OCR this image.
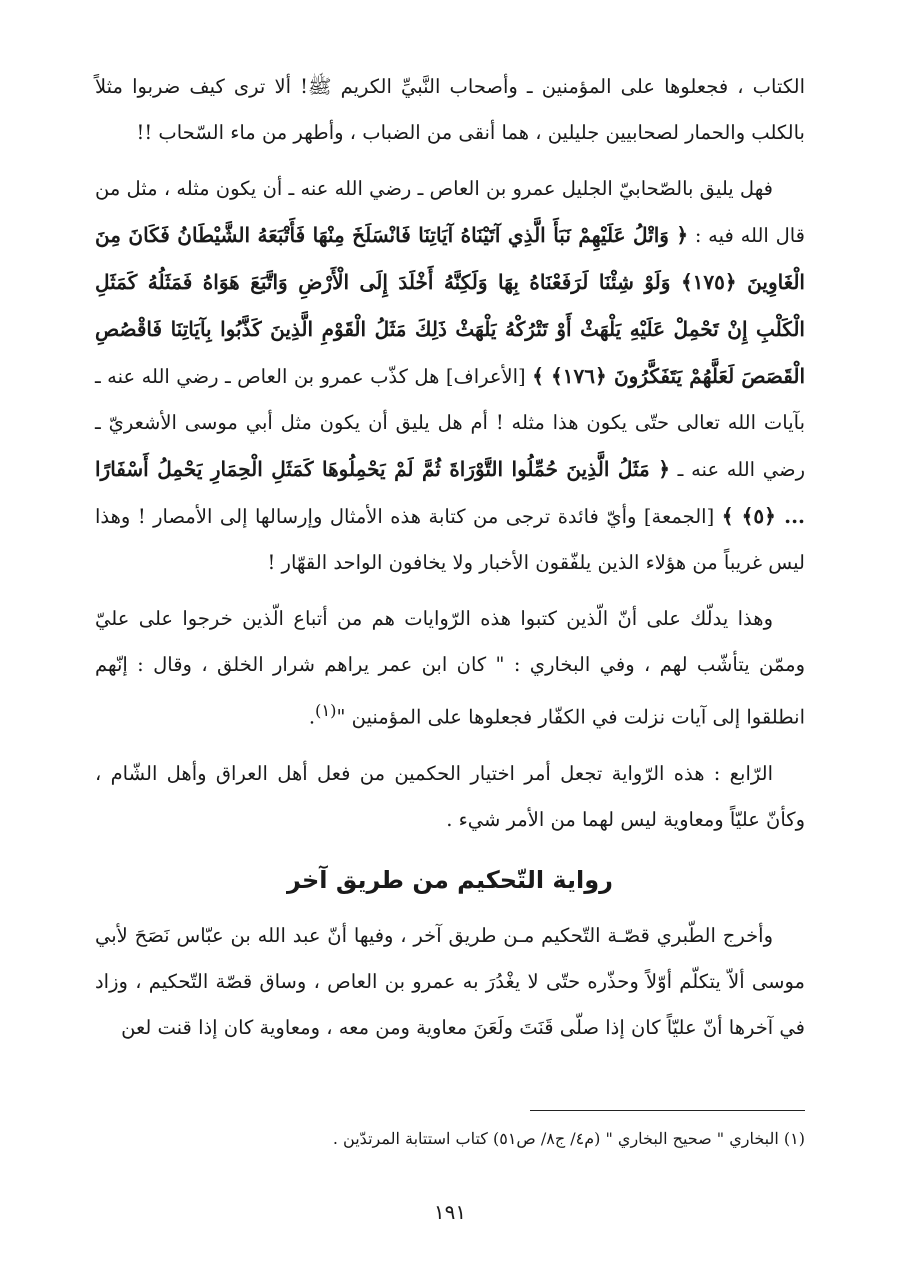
الكتاب ، فجعلوها على المؤمنين ـ وأصحاب النَّبيِّ الكريم ﷺ! ألا ترى كيف ضربوا مثلاً بالكلب والحمار لصحابيين جليلين ، هما أنقى من الضباب ، وأطهر من ماء السّحاب !!

فهل يليق بالصّحابيّ الجليل عمرو بن العاص ـ رضي الله عنه ـ أن يكون مثله ، مثل من قال الله فيه : ﴿ وَاتْلُ عَلَيْهِمْ نَبَأَ الَّذِي آتَيْنَاهُ آيَاتِنَا فَانْسَلَخَ مِنْهَا فَأَتْبَعَهُ الشَّيْطَانُ فَكَانَ مِنَ الْغَاوِينَ ﴿١٧٥﴾ وَلَوْ شِئْنَا لَرَفَعْنَاهُ بِهَا وَلَكِنَّهُ أَخْلَدَ إِلَى الْأَرْضِ وَاتَّبَعَ هَوَاهُ فَمَثَلُهُ كَمَثَلِ الْكَلْبِ إِنْ تَحْمِلْ عَلَيْهِ يَلْهَثْ أَوْ تَتْرُكْهُ يَلْهَثْ ذَلِكَ مَثَلُ الْقَوْمِ الَّذِينَ كَذَّبُوا بِآيَاتِنَا فَاقْصُصِ الْقَصَصَ لَعَلَّهُمْ يَتَفَكَّرُونَ ﴿١٧٦﴾ ﴾ [الأعراف] هل كذّب عمرو بن العاص ـ رضي الله عنه ـ بآيات الله تعالى حتّى يكون هذا مثله ! أم هل يليق أن يكون مثل أبي موسى الأشعريّ ـ رضي الله عنه ـ ﴿ مَثَلُ الَّذِينَ حُمِّلُوا التَّوْرَاةَ ثُمَّ لَمْ يَحْمِلُوهَا كَمَثَلِ الْحِمَارِ يَحْمِلُ أَسْفَارًا ... ﴿٥﴾ ﴾ [الجمعة] وأيّ فائدة ترجى من كتابة هذه الأمثال وإرسالها إلى الأمصار ! وهذا ليس غريباً من هؤلاء الذين يلفّقون الأخبار ولا يخافون الواحد القهّار !

وهذا يدلّك على أنّ الّذين كتبوا هذه الرّوايات هم من أتباع الّذين خرجوا على عليّ وممّن يتأشّب لهم ، وفي البخاري : " كان ابن عمر يراهم شرار الخلق ، وقال : إنّهم انطلقوا إلى آيات نزلت في الكفّار فجعلوها على المؤمنين "$^{(١)}$.

الرّابع : هذه الرّواية تجعل أمر اختيار الحكمين من فعل أهل العراق وأهل الشّام ، وكأنّ عليّاً ومعاوية ليس لهما من الأمر شيء .

رواية التّحكيم من طريق آخر

وأخرج الطّبري قصّـة التّحكيم مـن طريق آخر ، وفيها أنّ عبد الله بن عبّاس نَصَحَ لأبي موسى ألاّ يتكلّم أوّلاً وحذّره حتّى لا يغْدُرَ به عمرو بن العاص ، وساق قصّة التّحكيم ، وزاد في آخرها أنّ عليّاً كان إذا صلّى قَنَتَ ولَعَنَ معاوية ومن معه ، ومعاوية كان إذا قنت لعن

(١) البخاري " صحيح البخاري " (م٤/ ج٨/ ص٥١) كتاب استتابة المرتدّين .
١٩١
